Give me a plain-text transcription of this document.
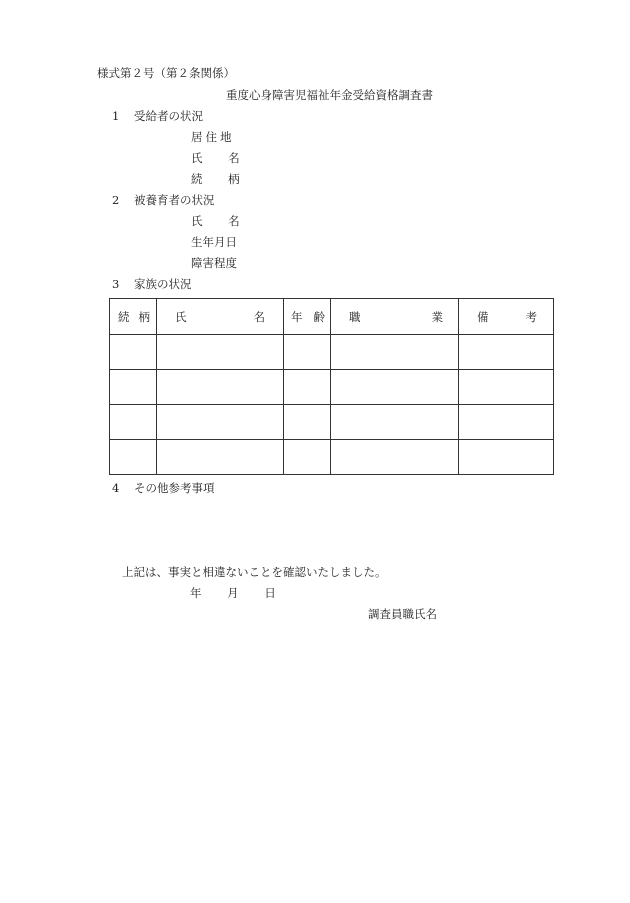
様式第２号（第２条関係）
重度心身障害児福祉年金受給資格調査書
1 受給者の状況
居住地
氏 名
続 柄
2 被養育者の状況
氏 名
生年月日
障害程度
3 家族の状況
続 柄	氏 名	年 齢	職 業	備 考

4 その他参考事項
上記は、事実と相違ないことを確認いたしました。
年 月 日
調査員職氏名
